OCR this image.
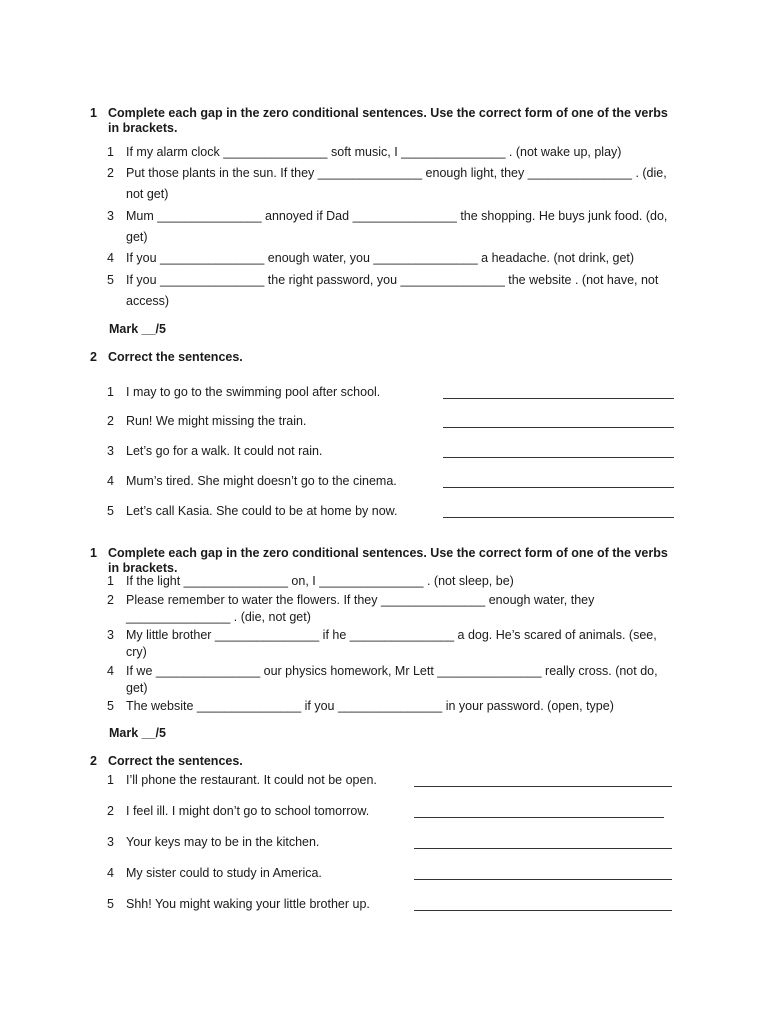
1 Complete each gap in the zero conditional sentences. Use the correct form of one of the verbs in brackets.
1 If my alarm clock _______________ soft music, I _______________ . (not wake up, play)
2 Put those plants in the sun. If they _______________ enough light, they _______________ . (die, not get)
3 Mum _______________ annoyed if Dad _______________ the shopping. He buys junk food. (do, get)
4 If you _______________ enough water, you _______________ a headache. (not drink, get)
5 If you _______________ the right password, you _______________ the website . (not have, not access)
Mark __/5
2 Correct the sentences.
1 I may to go to the swimming pool after school.
2 Run! We might missing the train.
3 Let’s go for a walk. It could not rain.
4 Mum’s tired. She might doesn’t go to the cinema.
5 Let’s call Kasia. She could to be at home by now.
1 Complete each gap in the zero conditional sentences. Use the correct form of one of the verbs in brackets.
1 If the light _______________ on, I _______________ . (not sleep, be)
2 Please remember to water the flowers. If they _______________ enough water, they _______________ . (die, not get)
3 My little brother _______________ if he _______________ a dog. He’s scared of animals. (see, cry)
4 If we _______________ our physics homework, Mr Lett _______________ really cross. (not do, get)
5 The website _______________ if you _______________ in your password. (open, type)
Mark __/5
2 Correct the sentences.
1 I’ll phone the restaurant. It could not be open.
2 I feel ill. I might don’t go to school tomorrow.
3 Your keys may to be in the kitchen.
4 My sister could to study in America.
5 Shh! You might waking your little brother up.
